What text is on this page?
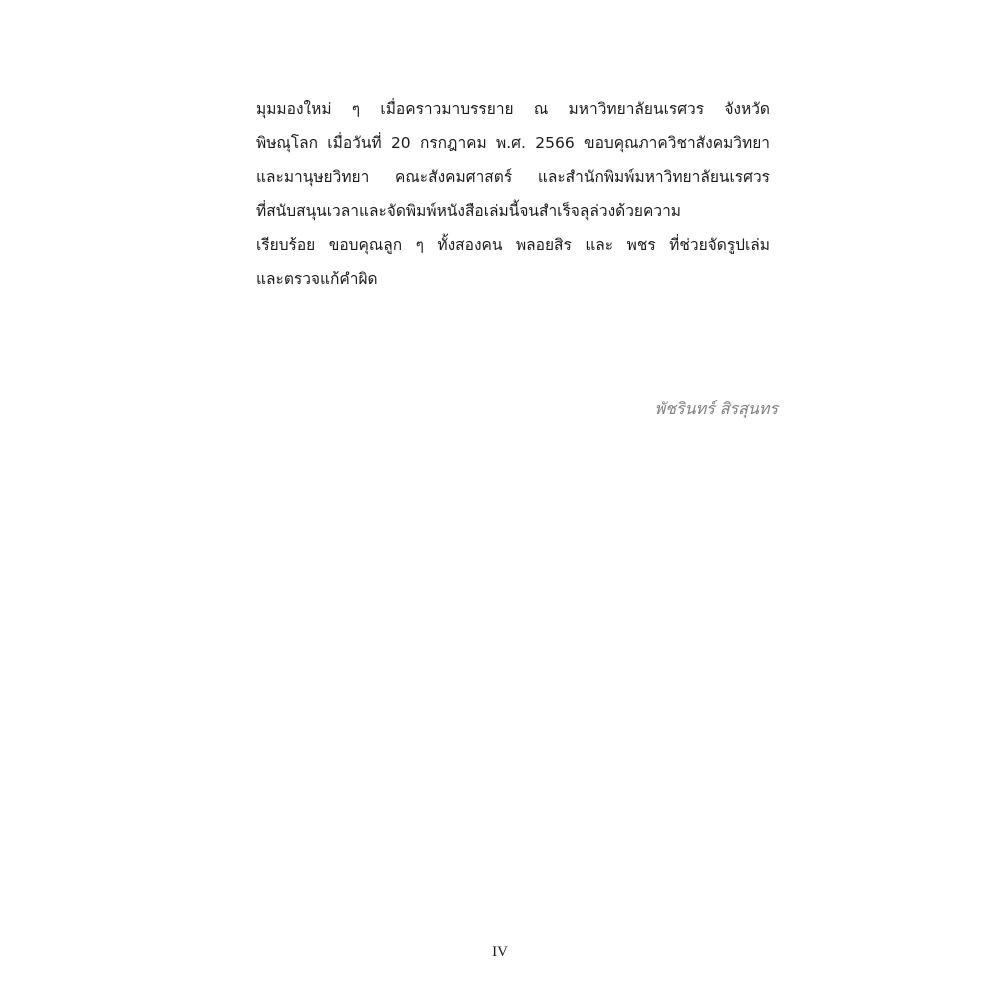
มุมมองใหม่ ๆ เมื่อคราวมาบรรยาย ณ มหาวิทยาลัยนเรศวร จังหวัด
พิษณุโลก เมื่อวันที่ 20 กรกฎาคม พ.ศ. 2566 ขอบคุณภาควิชาสังคมวิทยา
และมานุษยวิทยา คณะสังคมศาสตร์ และสำนักพิมพ์มหาวิทยาลัยนเรศวร
ที่สนับสนุนเวลาและจัดพิมพ์หนังสือเล่มนี้จนสำเร็จลุล่วงด้วยความ
เรียบร้อย ขอบคุณลูก ๆ ทั้งสองคน พลอยสิร และ พชร ที่ช่วยจัดรูปเล่ม
และตรวจแก้คำผิด

พัชรินทร์ สิรสุนทร

IV
